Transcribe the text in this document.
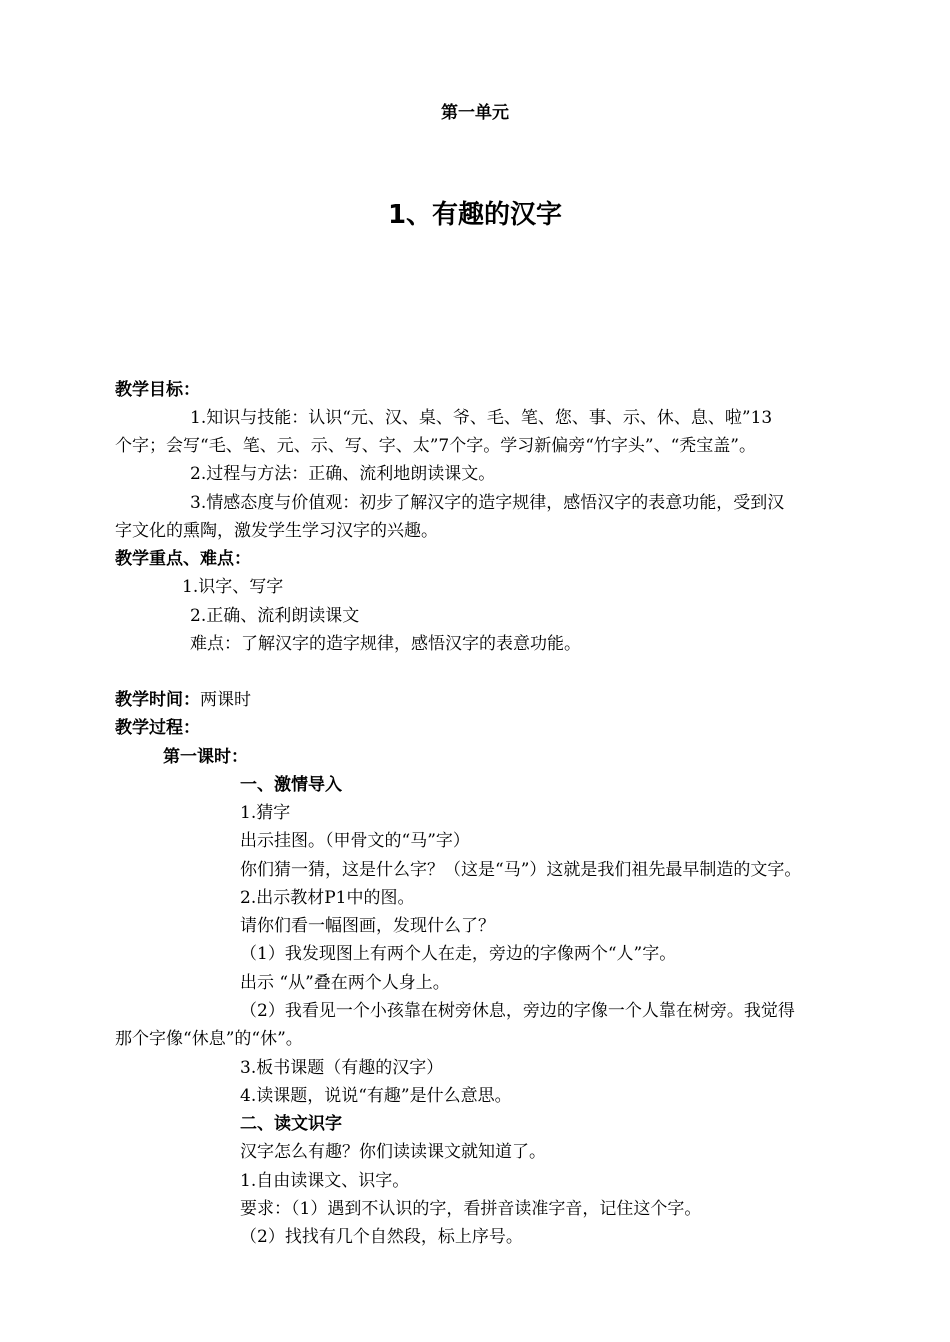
第一单元
1、有趣的汉字
教学目标：
1.知识与技能：认识“元、汉、桌、爷、毛、笔、您、事、示、休、息、啦”13
个字；会写“毛、笔、元、示、写、字、太”7个字。学习新偏旁“竹字头”、“秃宝盖”。
2.过程与方法：正确、流利地朗读课文。
3.情感态度与价值观：初步了解汉字的造字规律，感悟汉字的表意功能，受到汉
字文化的熏陶，激发学生学习汉字的兴趣。
教学重点、难点：
1.识字、写字
2.正确、流利朗读课文
难点：了解汉字的造字规律，感悟汉字的表意功能。
教学时间：两课时
教学过程：
第一课时：
一、激情导入
1.猜字
出示挂图。（甲骨文的“马”字）
你们猜一猜，这是什么字？（这是“马”）这就是我们祖先最早制造的文字。
2.出示教材P1中的图。
请你们看一幅图画，发现什么了？
（1）我发现图上有两个人在走，旁边的字像两个“人”字。
出示 “从”叠在两个人身上。
（2）我看见一个小孩靠在树旁休息，旁边的字像一个人靠在树旁。我觉得
那个字像“休息”的“休”。
3.板书课题（有趣的汉字）
4.读课题，说说“有趣”是什么意思。
二、读文识字
汉字怎么有趣？你们读读课文就知道了。
1.自由读课文、识字。
要求：（1）遇到不认识的字，看拼音读准字音，记住这个字。
（2）找找有几个自然段，标上序号。
